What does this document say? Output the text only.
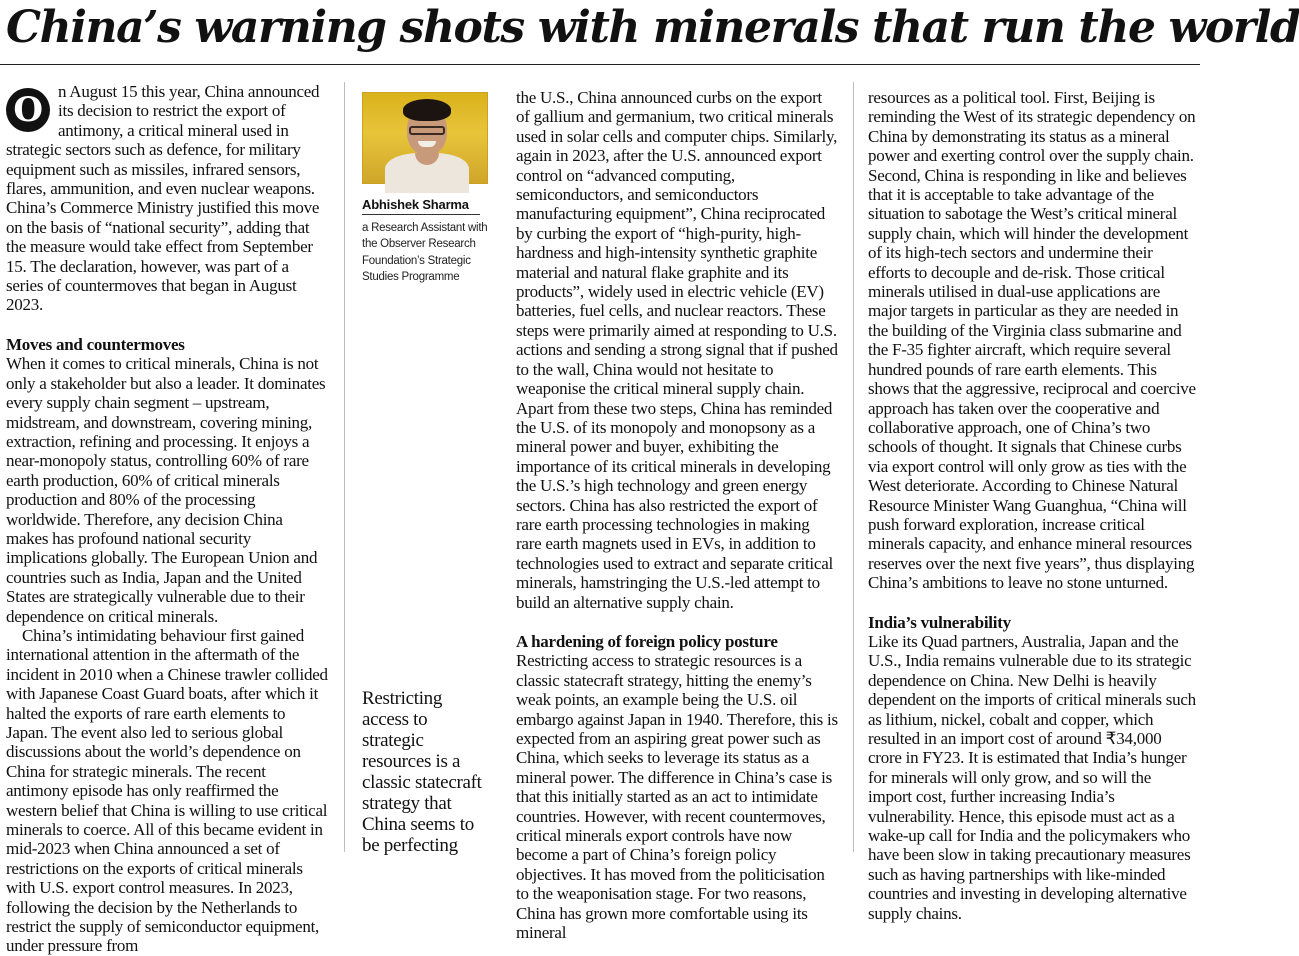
China’s warning shots with minerals that run the world
O n August 15 this year, China announced its decision to restrict the export of antimony, a critical mineral used in strategic sectors such as defence, for military equipment such as missiles, infrared sensors, flares, ammunition, and even nuclear weapons. China’s Commerce Ministry justified this move on the basis of “national security”, adding that the measure would take effect from September 15. The declaration, however, was part of a series of countermoves that began in August 2023.

Moves and countermoves

When it comes to critical minerals, China is not only a stakeholder but also a leader. It dominates every supply chain segment – upstream, midstream, and downstream, covering mining, extraction, refining and processing. It enjoys a near-monopoly status, controlling 60% of rare earth production, 60% of critical minerals production and 80% of the processing worldwide. Therefore, any decision China makes has profound national security implications globally. The European Union and countries such as India, Japan and the United States are strategically vulnerable due to their dependence on critical minerals.

China’s intimidating behaviour first gained international attention in the aftermath of the incident in 2010 when a Chinese trawler collided with Japanese Coast Guard boats, after which it halted the exports of rare earth elements to Japan. The event also led to serious global discussions about the world’s dependence on China for strategic minerals. The recent antimony episode has only reaffirmed the western belief that China is willing to use critical minerals to coerce. All of this became evident in mid-2023 when China announced a set of restrictions on the exports of critical minerals with U.S. export control measures. In 2023, following the decision by the Netherlands to restrict the supply of semiconductor equipment, under pressure from

Abhishek Sharma
a Research Assistant with the Observer Research Foundation’s Strategic Studies Programme
Restricting access to strategic resources is a classic statecraft strategy that China seems to be perfecting

the U.S., China announced curbs on the export of gallium and germanium, two critical minerals used in solar cells and computer chips. Similarly, again in 2023, after the U.S. announced export control on “advanced computing, semiconductors, and semiconductors manufacturing equipment”, China reciprocated by curbing the export of “high-purity, high-hardness and high-intensity synthetic graphite material and natural flake graphite and its products”, widely used in electric vehicle (EV) batteries, fuel cells, and nuclear reactors. These steps were primarily aimed at responding to U.S. actions and sending a strong signal that if pushed to the wall, China would not hesitate to weaponise the critical mineral supply chain. Apart from these two steps, China has reminded the U.S. of its monopoly and monopsony as a mineral power and buyer, exhibiting the importance of its critical minerals in developing the U.S.’s high technology and green energy sectors. China has also restricted the export of rare earth processing technologies in making rare earth magnets used in EVs, in addition to technologies used to extract and separate critical minerals, hamstringing the U.S.-led attempt to build an alternative supply chain.

A hardening of foreign policy posture

Restricting access to strategic resources is a classic statecraft strategy, hitting the enemy’s weak points, an example being the U.S. oil embargo against Japan in 1940. Therefore, this is expected from an aspiring great power such as China, which seeks to leverage its status as a mineral power. The difference in China’s case is that this initially started as an act to intimidate countries. However, with recent countermoves, critical minerals export controls have now become a part of China’s foreign policy objectives. It has moved from the politicisation to the weaponisation stage. For two reasons, China has grown more comfortable using its mineral

resources as a political tool. First, Beijing is reminding the West of its strategic dependency on China by demonstrating its status as a mineral power and exerting control over the supply chain. Second, China is responding in like and believes that it is acceptable to take advantage of the situation to sabotage the West’s critical mineral supply chain, which will hinder the development of its high-tech sectors and undermine their efforts to decouple and de-risk. Those critical minerals utilised in dual-use applications are major targets in particular as they are needed in the building of the Virginia class submarine and the F-35 fighter aircraft, which require several hundred pounds of rare earth elements. This shows that the aggressive, reciprocal and coercive approach has taken over the cooperative and collaborative approach, one of China’s two schools of thought. It signals that Chinese curbs via export control will only grow as ties with the West deteriorate. According to Chinese Natural Resource Minister Wang Guanghua, “China will push forward exploration, increase critical minerals capacity, and enhance mineral resources reserves over the next five years”, thus displaying China’s ambitions to leave no stone unturned.

India’s vulnerability

Like its Quad partners, Australia, Japan and the U.S., India remains vulnerable due to its strategic dependence on China. New Delhi is heavily dependent on the imports of critical minerals such as lithium, nickel, cobalt and copper, which resulted in an import cost of around ₹34,000 crore in FY23. It is estimated that India’s hunger for minerals will only grow, and so will the import cost, further increasing India’s vulnerability. Hence, this episode must act as a wake-up call for India and the policymakers who have been slow in taking precautionary measures such as having partnerships with like-minded countries and investing in developing alternative supply chains.
